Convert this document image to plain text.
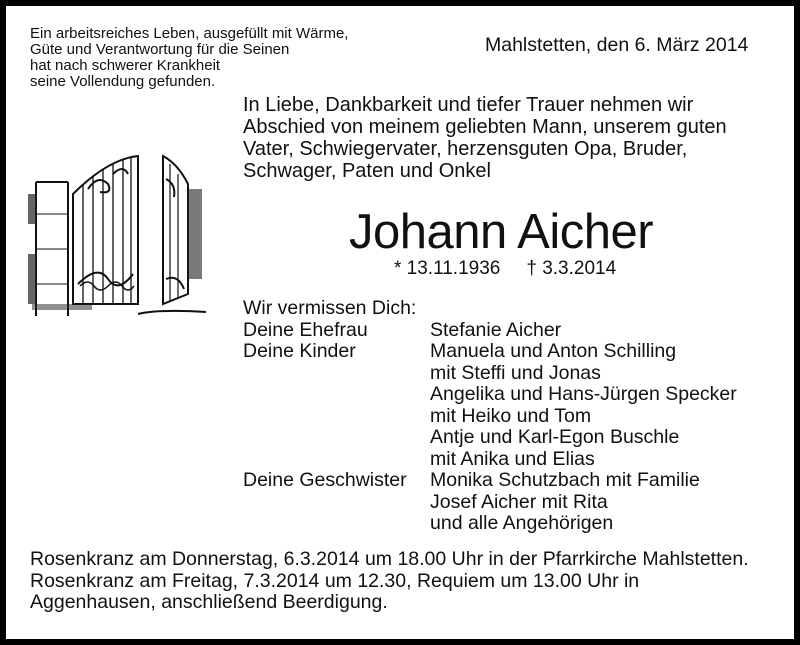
Ein arbeitsreiches Leben, ausgefüllt mit Wärme,
Güte und Verantwortung für die Seinen
hat nach schwerer Krankheit
seine Vollendung gefunden.
Mahlstetten, den 6. März 2014
In Liebe, Dankbarkeit und tiefer Trauer nehmen wir
Abschied von meinem geliebten Mann, unserem guten
Vater, Schwiegervater, herzensguten Opa, Bruder,
Schwager, Paten und Onkel
Johann Aicher
* 13.11.1936 † 3.3.2014
Wir vermissen Dich:
Deine Ehefrau	Stefanie Aicher
Deine Kinder	Manuela und Anton Schilling
mit Steffi und Jonas
Angelika und Hans-Jürgen Specker
mit Heiko und Tom
Antje und Karl-Egon Buschle
mit Anika und Elias
Deine Geschwister	Monika Schutzbach mit Familie
Josef Aicher mit Rita
und alle Angehörigen
Rosenkranz am Donnerstag, 6.3.2014 um 18.00 Uhr in der Pfarrkirche Mahlstetten.
Rosenkranz am Freitag, 7.3.2014 um 12.30, Requiem um 13.00 Uhr in
Aggenhausen, anschließend Beerdigung.
